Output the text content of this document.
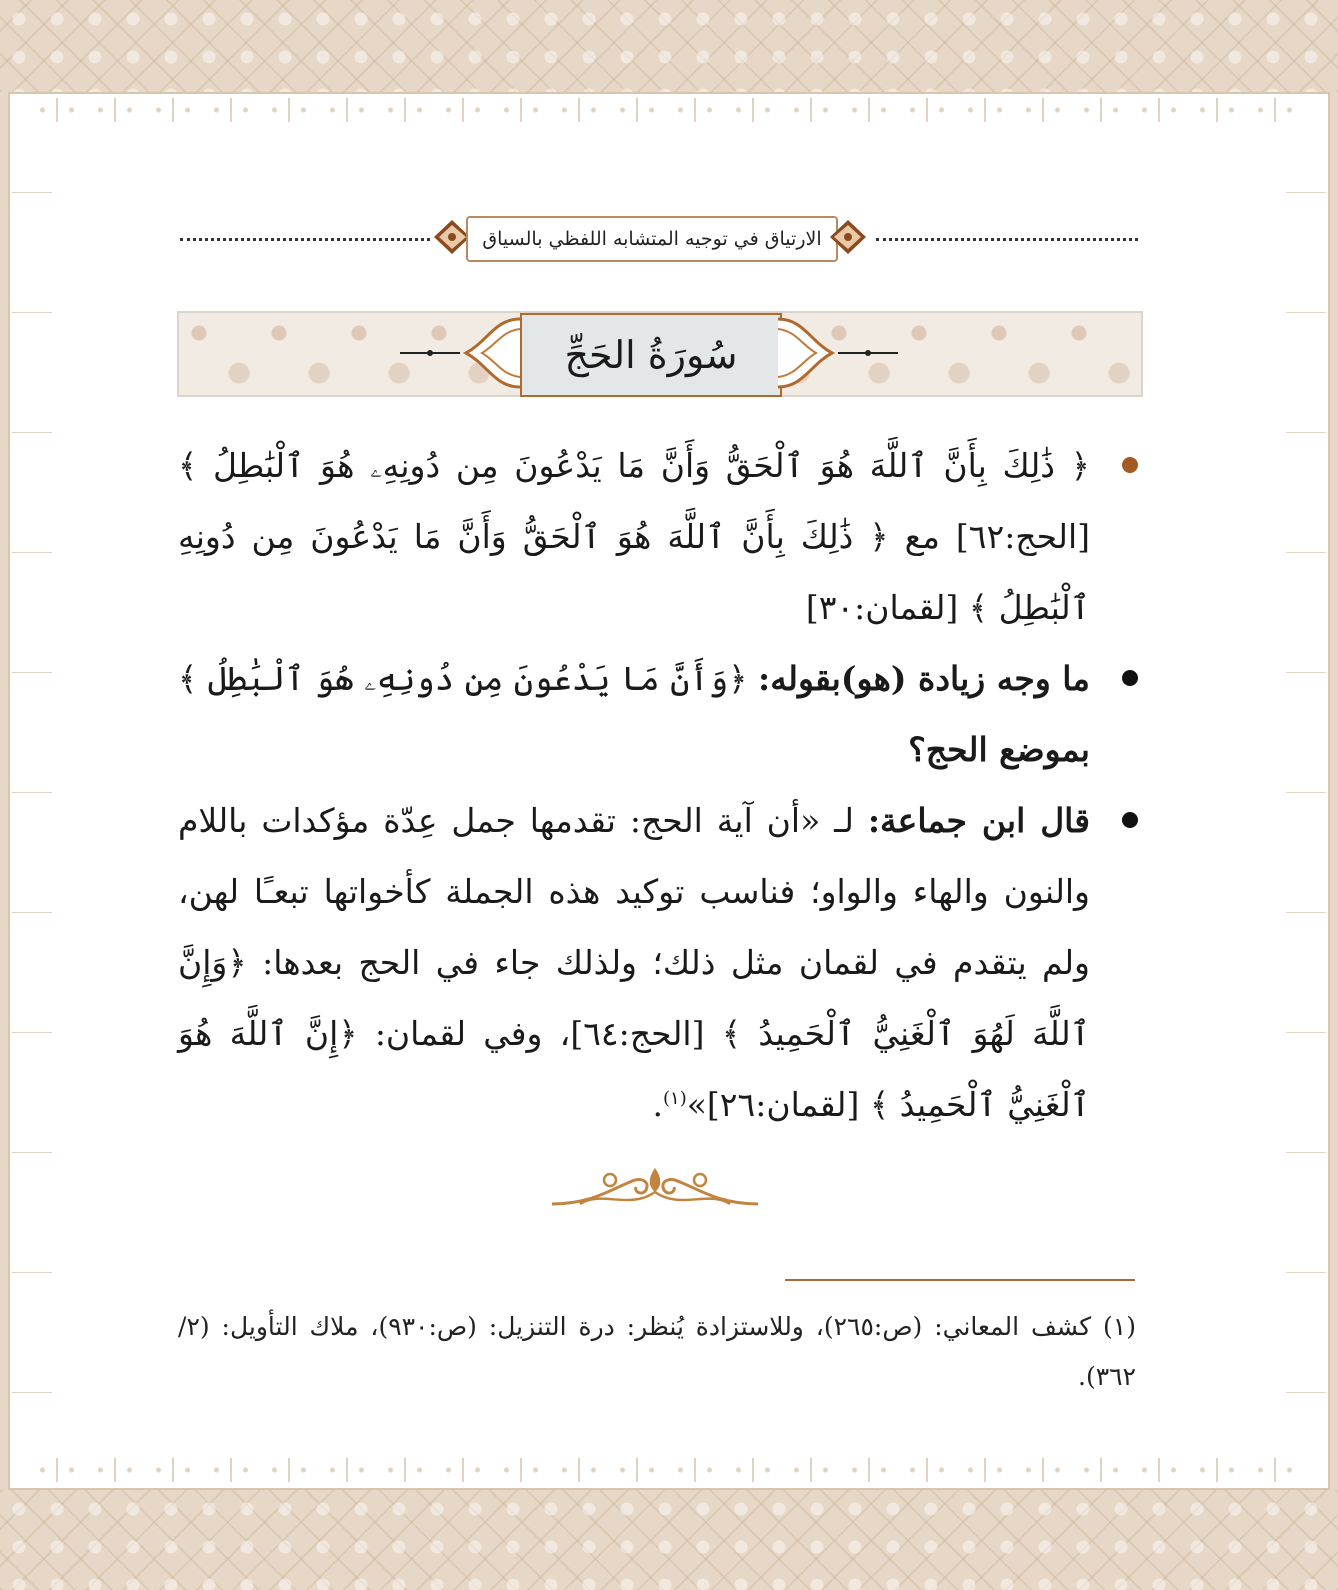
الارتياق في توجيه المتشابه اللفظي بالسياق
سُورَةُ الحَجِّ
﴿ ذَٰلِكَ بِأَنَّ ٱللَّهَ هُوَ ٱلْحَقُّ وَأَنَّ مَا يَدْعُونَ مِن دُونِهِۦ هُوَ ٱلْبَٰطِلُ ﴾ [الحج:٦٢] مع ﴿ ذَٰلِكَ بِأَنَّ ٱللَّهَ هُوَ ٱلْحَقُّ وَأَنَّ مَا يَدْعُونَ مِن دُونِهِ ٱلْبَٰطِلُ ﴾ [لقمان:٣٠]
ما وجه زيادة (هو)بقوله: ﴿وَأَنَّ مَا يَدْعُونَ مِن دُونِهِۦ هُوَ ٱلْبَٰطِلُ ﴾ بموضع الحج؟
قال ابن جماعة: لـ «أن آية الحج: تقدمها جمل عِدّة مؤكدات باللام والنون والهاء والواو؛ فناسب توكيد هذه الجملة كأخواتها تبعـًا لهن، ولم يتقدم في لقمان مثل ذلك؛ ولذلك جاء في الحج بعدها: ﴿وَإِنَّ ٱللَّهَ لَهُوَ ٱلْغَنِيُّ ٱلْحَمِيدُ ﴾ [الحج:٦٤]، وفي لقمان: ﴿إِنَّ ٱللَّهَ هُوَ ٱلْغَنِيُّ ٱلْحَمِيدُ ﴾ [لقمان:٢٦]»$^{(١)}$.
(١) كشف المعاني: (ص:٢٦٥)، وللاستزادة يُنظر: درة التنزيل: (ص:٩٣٠)، ملاك التأويل: (٢/ ٣٦٢).
